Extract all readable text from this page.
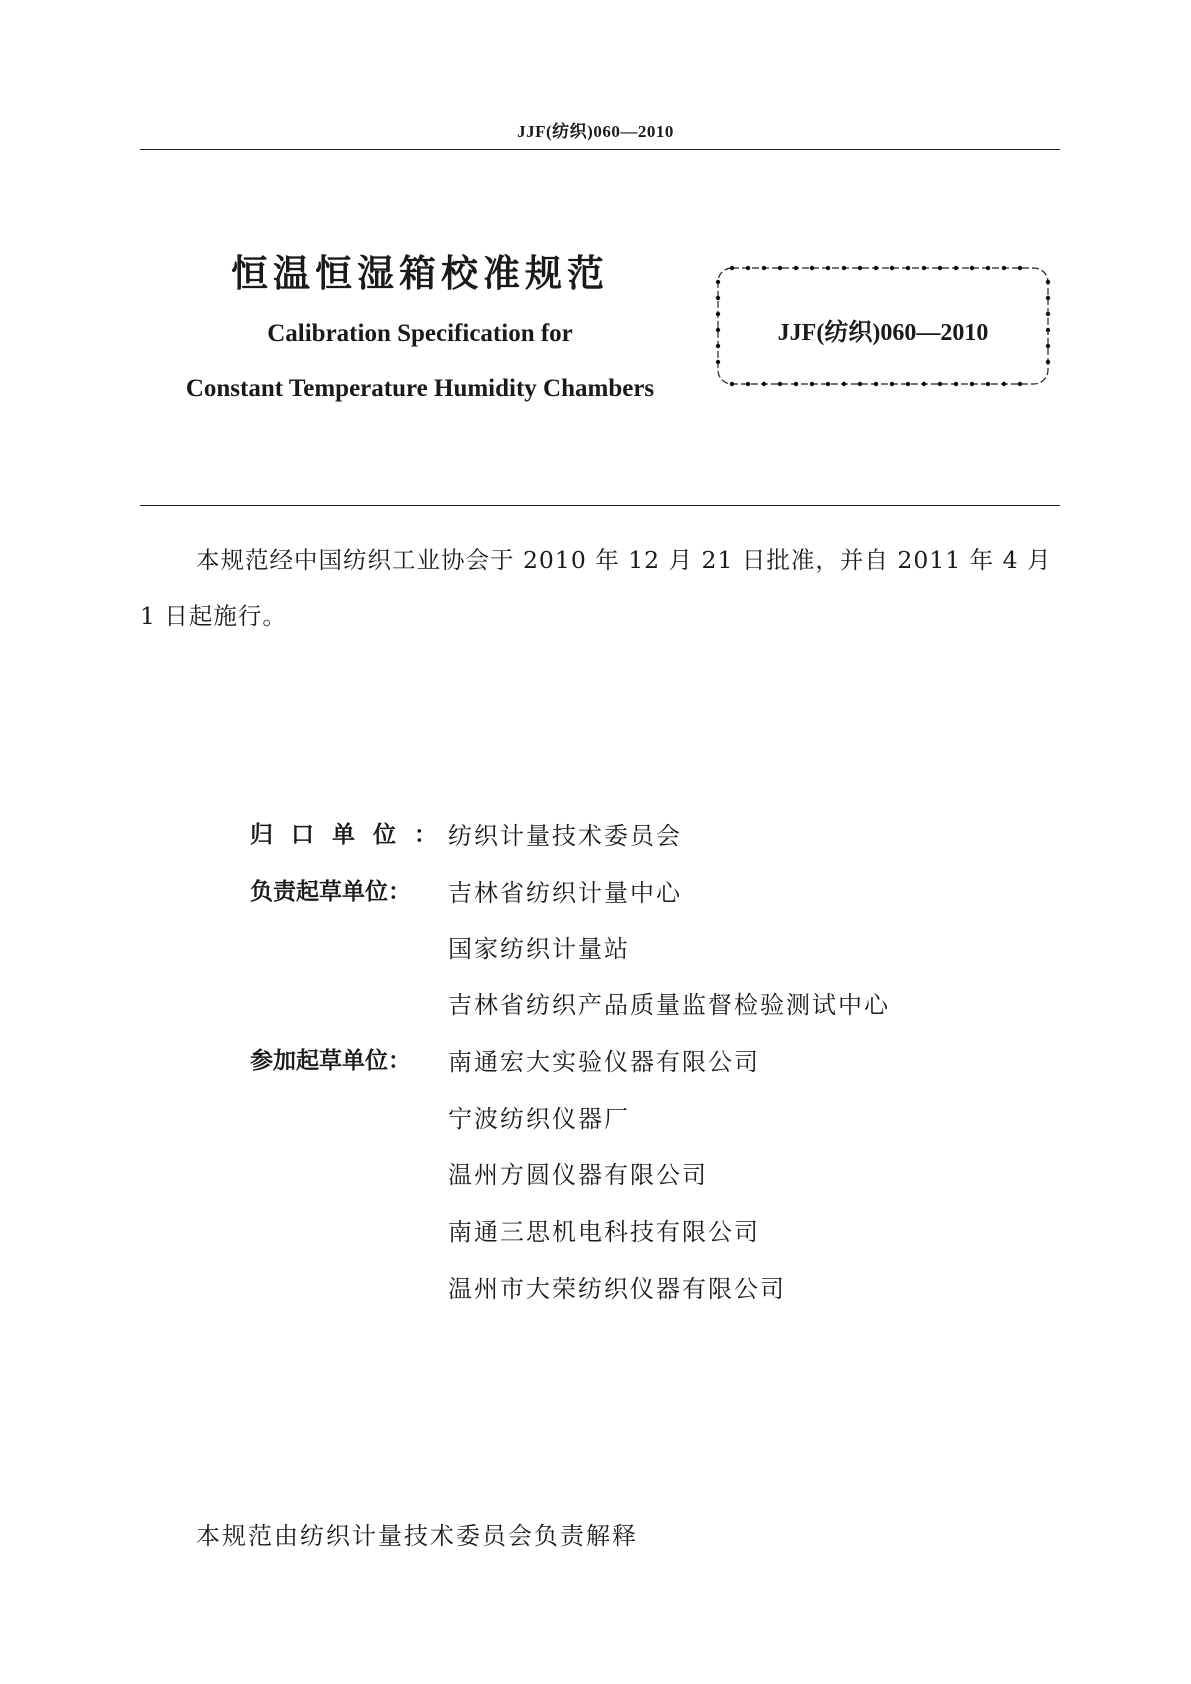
JJF(纺织)060—2010
恒温恒湿箱校准规范
Calibration Specification for
Constant Temperature Humidity Chambers
JJF(纺织)060—2010

本规范经中国纺织工业协会于 2010 年 12 月 21 日批准，并自 2011 年 4 月 1 日起施行。

归口单位：
纺织计量技术委员会
负责起草单位： 吉林省纺织计量中心
国家纺织计量站
吉林省纺织产品质量监督检验测试中心
参加起草单位： 南通宏大实验仪器有限公司
宁波纺织仪器厂
温州方圆仪器有限公司
南通三思机电科技有限公司
温州市大荣纺织仪器有限公司
本规范由纺织计量技术委员会负责解释
